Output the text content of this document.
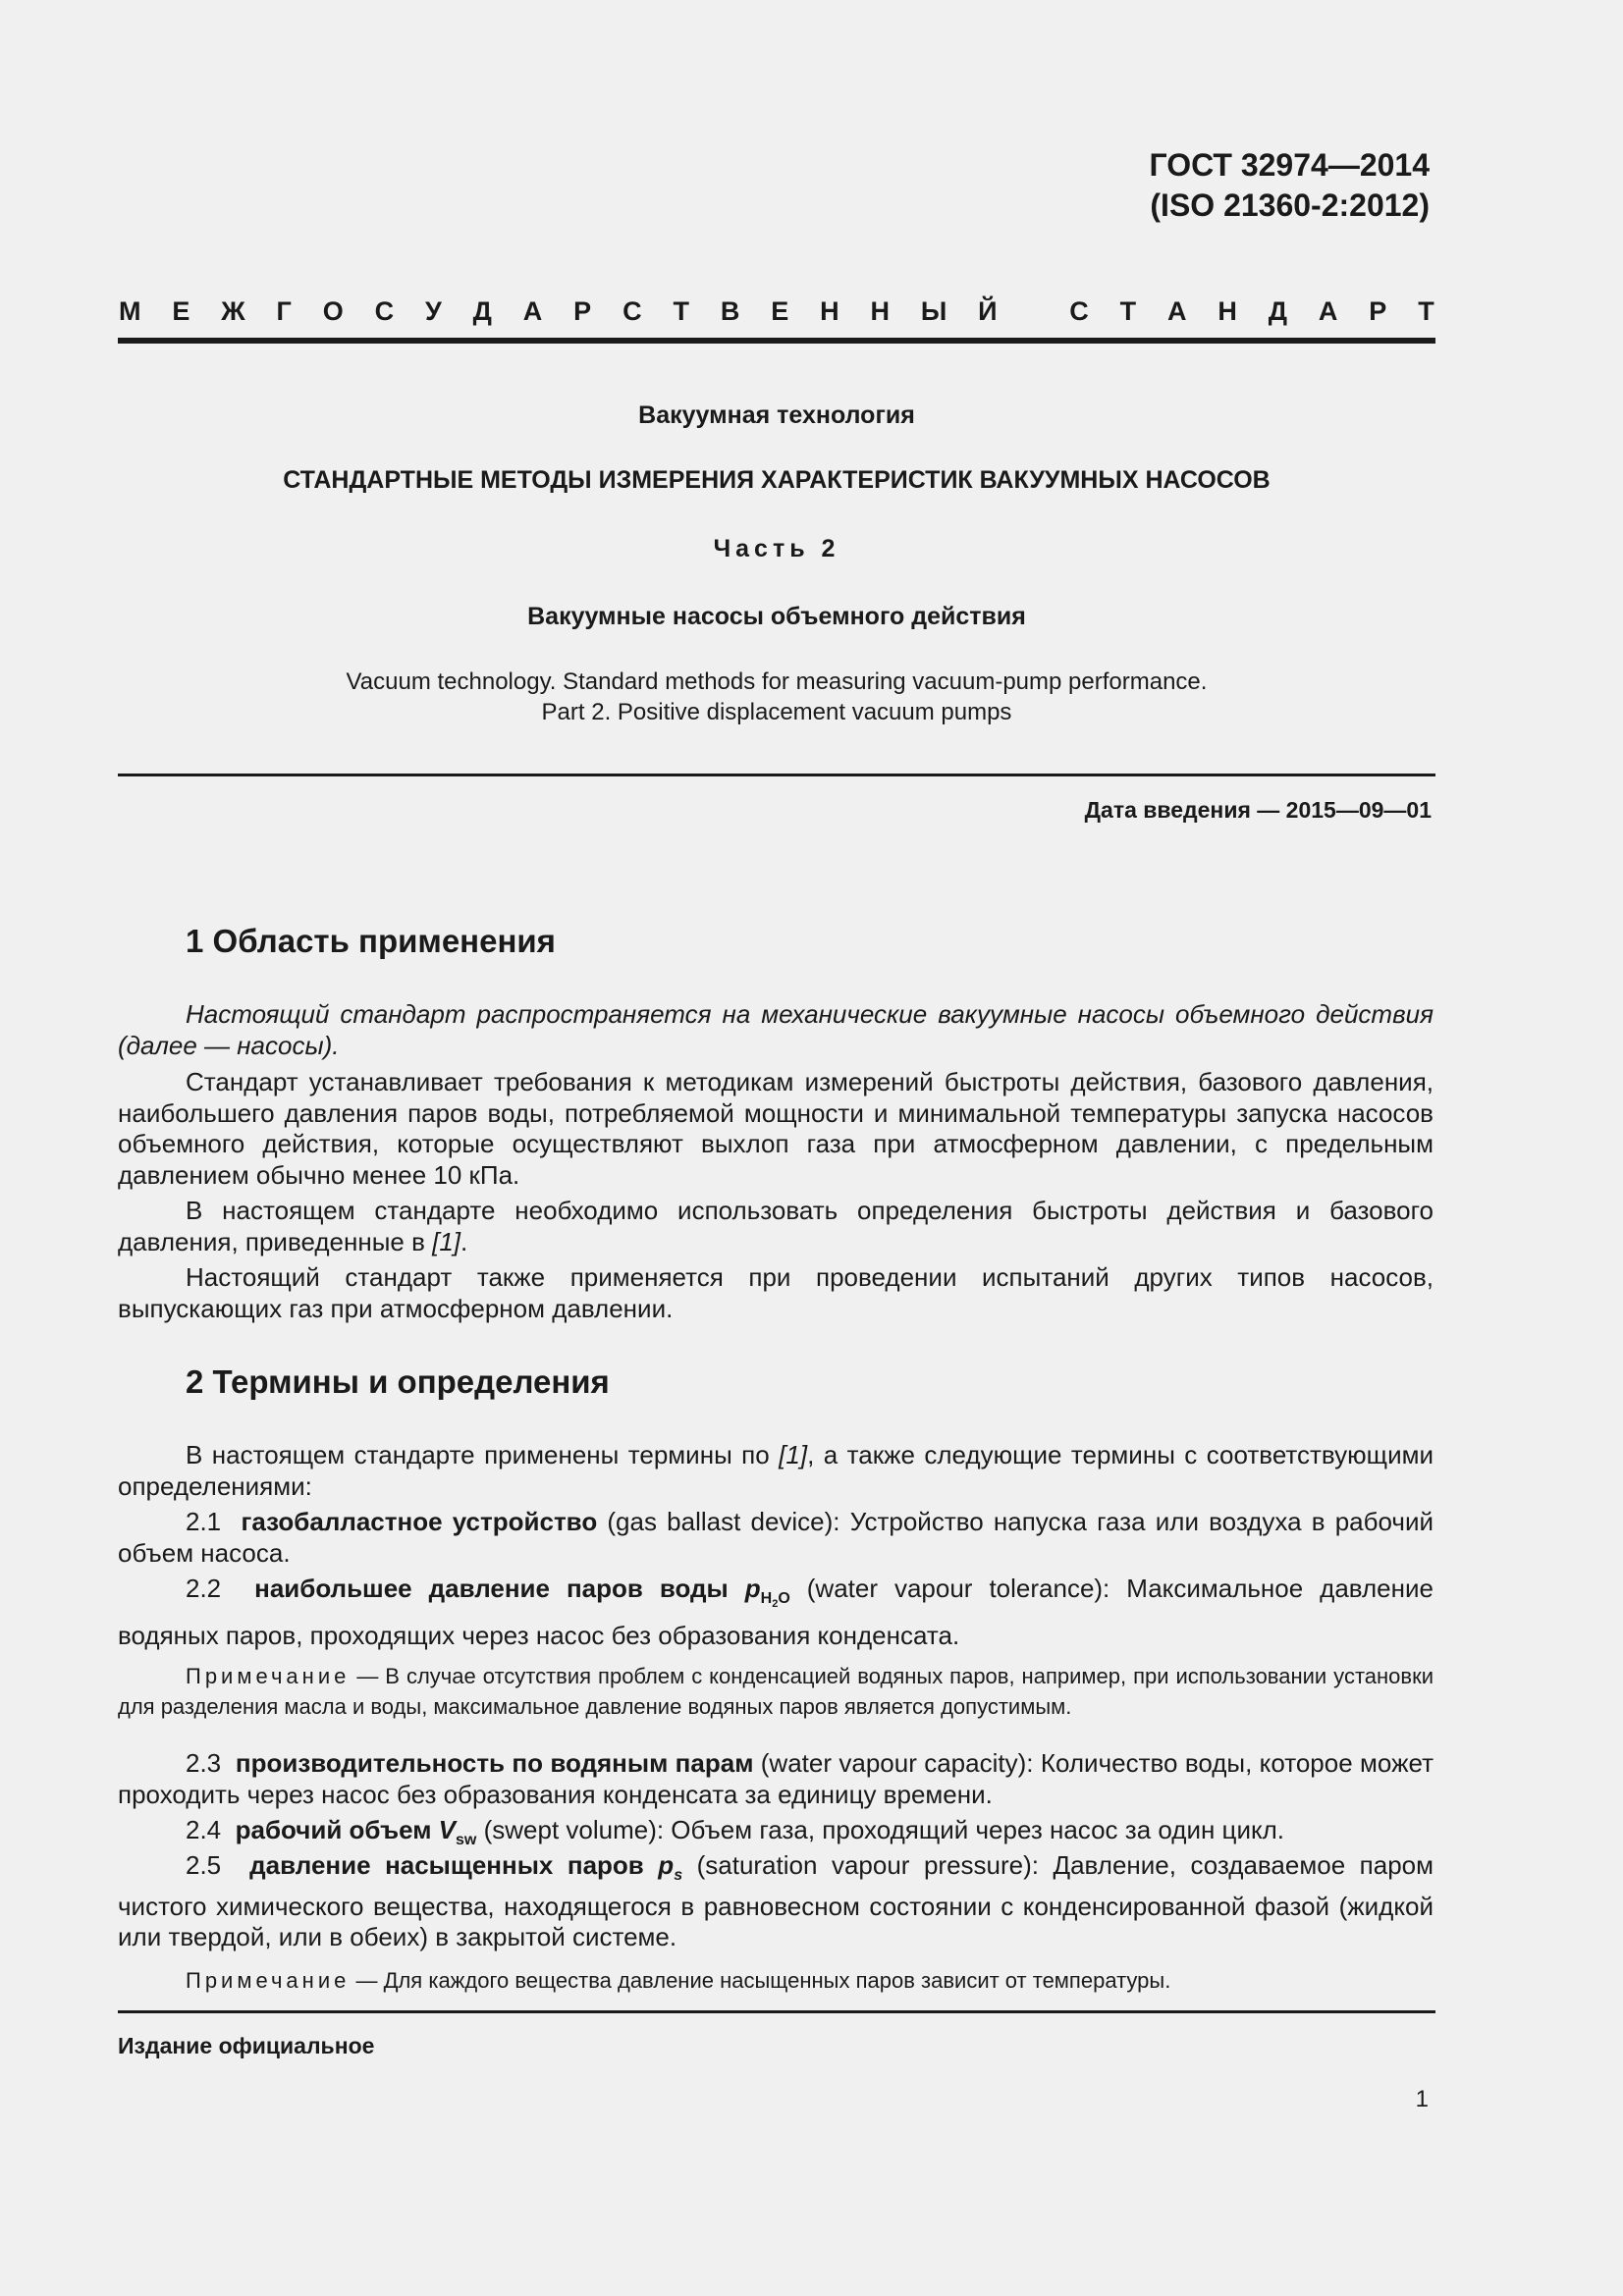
ГОСТ 32974—2014
(ISO 21360-2:2012)
М Е Ж Г О С У Д А Р С Т В Е Н Н Ы Й	С Т А Н Д А Р Т
Вакуумная технология
СТАНДАРТНЫЕ МЕТОДЫ ИЗМЕРЕНИЯ ХАРАКТЕРИСТИК ВАКУУМНЫХ НАСОСОВ
Часть 2
Вакуумные насосы объемного действия
Vacuum technology. Standard methods for measuring vacuum-pump performance.
Part 2. Positive displacement vacuum pumps
Дата введения — 2015—09—01
1 Область применения
Настоящий стандарт распространяется на механические вакуумные насосы объемного действия (далее — насосы).
Стандарт устанавливает требования к методикам измерений быстроты действия, базового давления, наибольшего давления паров воды, потребляемой мощности и минимальной температуры запуска насосов объемного действия, которые осуществляют выхлоп газа при атмосферном давлении, с предельным давлением обычно менее 10 кПа.
В настоящем стандарте необходимо использовать определения быстроты действия и базового давления, приведенные в [1].
Настоящий стандарт также применяется при проведении испытаний других типов насосов, выпускающих газ при атмосферном давлении.
2 Термины и определения
В настоящем стандарте применены термины по [1], а также следующие термины с соответствующими определениями:
2.1 газобалластное устройство (gas ballast device): Устройство напуска газа или воздуха в рабочий объем насоса.
2.2 наибольшее давление паров воды $p_{H_2O}$ (water vapour tolerance): Максимальное давление водяных паров, проходящих через насос без образования конденсата.
Примечание — В случае отсутствия проблем с конденсацией водяных паров, например, при использовании установки для разделения масла и воды, максимальное давление водяных паров является допустимым.
2.3 производительность по водяным парам (water vapour capacity): Количество воды, которое может проходить через насос без образования конденсата за единицу времени.
2.4 рабочий объем $V_{sw}$ (swept volume): Объем газа, проходящий через насос за один цикл.
2.5 давление насыщенных паров $p_s$ (saturation vapour pressure): Давление, создаваемое паром чистого химического вещества, находящегося в равновесном состоянии с конденсированной фазой (жидкой или твердой, или в обеих) в закрытой системе.
Примечание — Для каждого вещества давление насыщенных паров зависит от температуры.
Издание официальное
1
